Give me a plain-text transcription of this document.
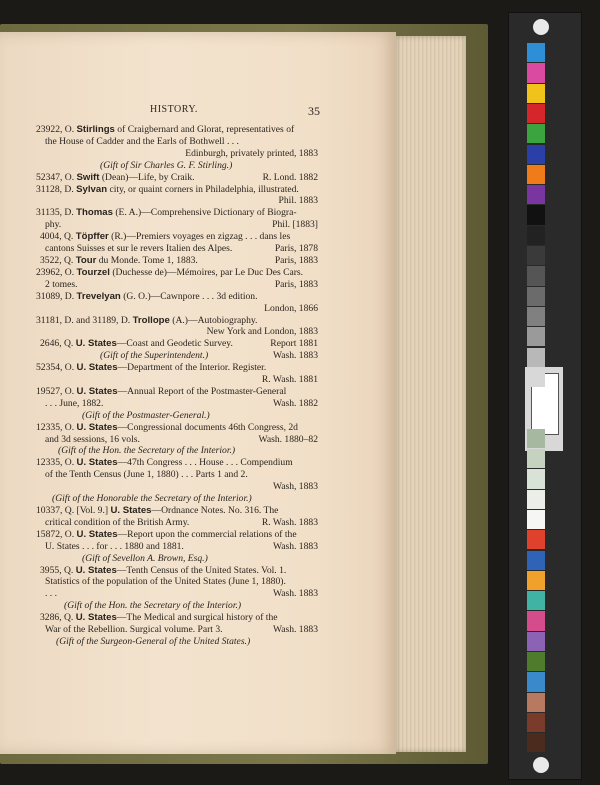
HISTORY.	35
23922, O. Stirlings of Craigbernard and Glorat, representatives of
the House of Cadder and the Earls of Bothwell . . .
Edinburgh, privately printed, 1883
(Gift of Sir Charles G. F. Stirling.)
52347, O. Swift (Dean)—Life, by Craik.	R. Lond. 1882
31128, D. Sylvan city, or quaint corners in Philadelphia, illustrated.
Phil. 1883
31135, D. Thomas (E. A.)—Comprehensive Dictionary of Biogra-
phy.	Phil. [1883]
4004, Q. Töpffer (R.)—Premiers voyages en zigzag . . . dans les
cantons Suisses et sur le revers Italien des Alpes.	Paris, 1878
3522, Q. Tour du Monde. Tome 1, 1883.	Paris, 1883
23962, O. Tourzel (Duchesse de)—Mémoires, par Le Duc Des Cars.
2 tomes.	Paris, 1883
31089, D. Trevelyan (G. O.)—Cawnpore . . . 3d edition.
London, 1866
31181, D. and 31189, D. Trollope (A.)—Autobiography.
New York and London, 1883
2646, Q. U. States—Coast and Geodetic Survey.	Report 1881
(Gift of the Superintendent.)	Wash. 1883
52354, O. U. States—Department of the Interior. Register.
R. Wash. 1881
19527, O. U. States—Annual Report of the Postmaster-General
. . . June, 1882.	Wash. 1882
(Gift of the Postmaster-General.)
12335, O. U. States—Congressional documents 46th Congress, 2d
and 3d sessions, 16 vols.	Wash. 1880–82
(Gift of the Hon. the Secretary of the Interior.)
12335, O. U. States—47th Congress . . . House . . . Compendium
of the Tenth Census (June 1, 1880) . . . Parts 1 and 2.
Wash, 1883
(Gift of the Honorable the Secretary of the Interior.)
10337, Q. [Vol. 9.] U. States—Ordnance Notes. No. 316. The
critical condition of the British Army.	R. Wash. 1883
15872, O. U. States—Report upon the commercial relations of the
U. States . . . for . . . 1880 and 1881.	Wash. 1883
(Gift of Sevellon A. Brown, Esq.)
3955, Q. U. States—Tenth Census of the United States. Vol. 1.
Statistics of the population of the United States (June 1, 1880).
. . .	Wash. 1883
(Gift of the Hon. the Secretary of the Interior.)
3286, Q. U. States—The Medical and surgical history of the
War of the Rebellion. Surgical volume. Part 3.	Wash. 1883
(Gift of the Surgeon-General of the United States.)
